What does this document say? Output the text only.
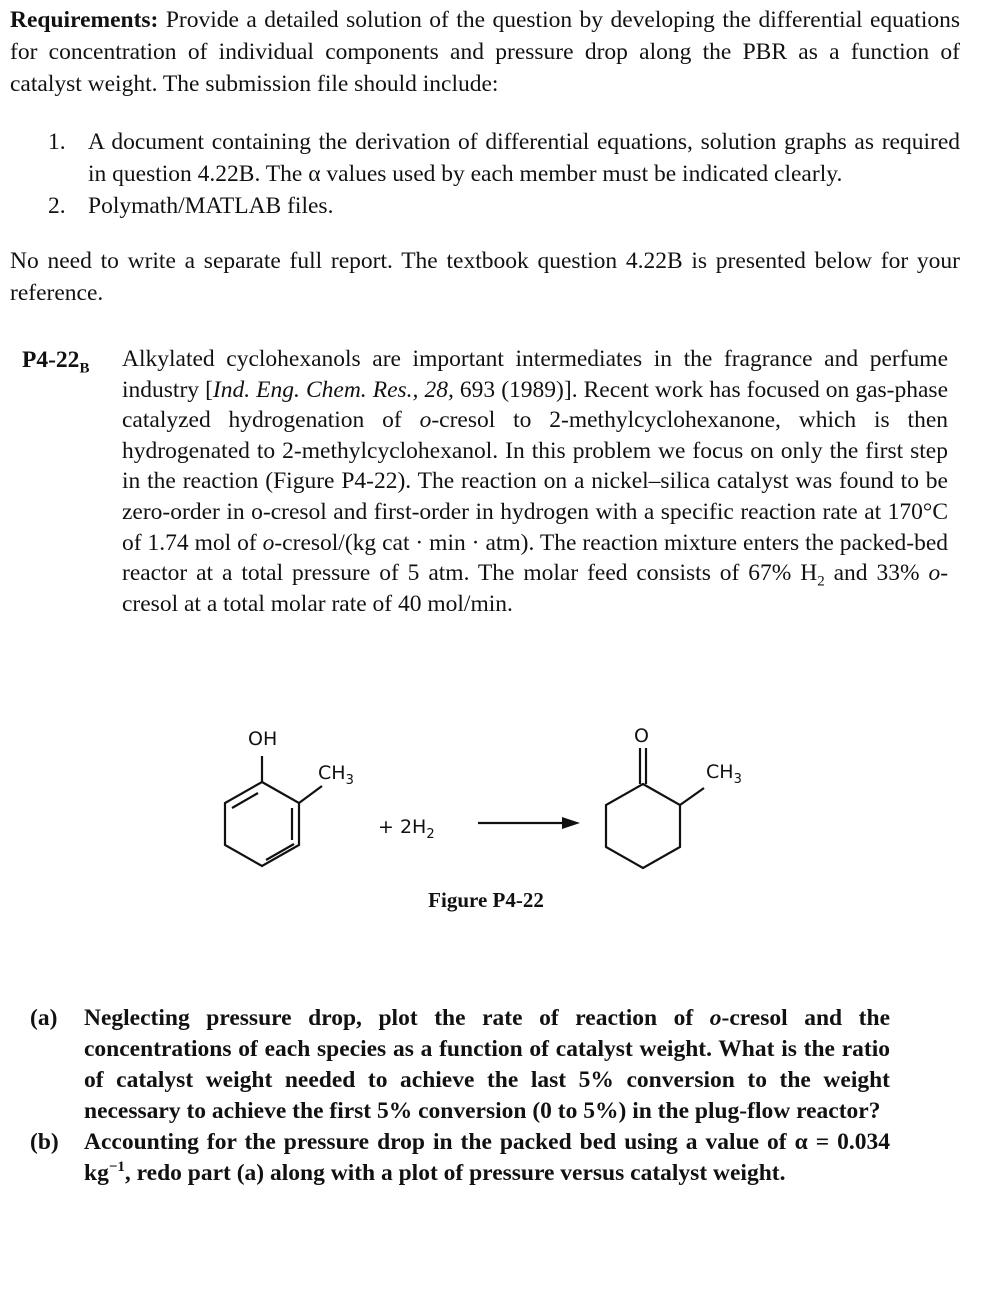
Requirements: Provide a detailed solution of the question by developing the differential equations for concentration of individual components and pressure drop along the PBR as a function of catalyst weight. The submission file should include:
1. A document containing the derivation of differential equations, solution graphs as required in question 4.22B. The α values used by each member must be indicated clearly.
2. Polymath/MATLAB files.
No need to write a separate full report. The textbook question 4.22B is presented below for your reference.
$P4-22_B$ Alkylated cyclohexanols are important intermediates in the fragrance and perfume industry [Ind. Eng. Chem. Res., 28, 693 (1989)]. Recent work has focused on gas-phase catalyzed hydrogenation of o-cresol to 2-methylcyclohexanone, which is then hydrogenated to 2-methylcyclohexanol. In this problem we focus on only the first step in the reaction (Figure P4-22). The reaction on a nickel–silica catalyst was found to be zero-order in o-cresol and first-order in hydrogen with a specific reaction rate at 170°C of 1.74 mol of o-cresol/(kg cat · min · atm). The reaction mixture enters the packed-bed reactor at a total pressure of 5 atm. The molar feed consists of 67% $H_2$ and 33% o-cresol at a total molar rate of 40 mol/min.
OH
$CH_3$
+ $2H_2$
O
$CH_3$
Figure P4-22
(a)	Neglecting pressure drop, plot the rate of reaction of o-cresol and the concentrations of each species as a function of catalyst weight. What is the ratio of catalyst weight needed to achieve the last 5% conversion to the weight necessary to achieve the first 5% conversion (0 to 5%) in the plug-flow reactor?
(b)	Accounting for the pressure drop in the packed bed using a value of α = 0.034 $kg^{-1}$, redo part (a) along with a plot of pressure versus catalyst weight.
